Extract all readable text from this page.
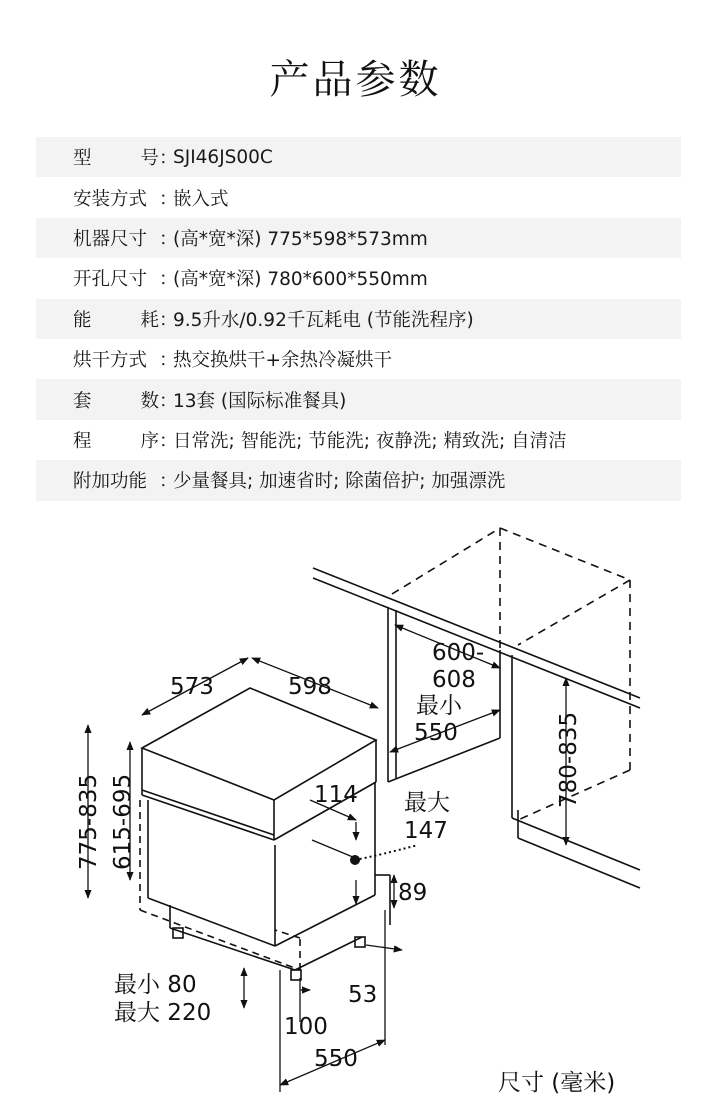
产品参数
型	号 ：
SJI46JS00C
安装方式 ：
嵌入式
机器尺寸 ：
(高*宽*深) 775*598*573mm
开孔尺寸 ：
(高*宽*深) 780*600*550mm
能	耗 ：
9.5升水/0.92千瓦耗电 (节能洗程序)
烘干方式 ：
热交换烘干+余热冷凝烘干
套	数 ：
13套 (国际标准餐具)
程	序 ：
日常洗; 智能洗; 节能洗; 夜静洗; 精致洗; 自清洁
附加功能 ：
少量餐具; 加速省时; 除菌倍护; 加强漂洗
573	598
600-
608
最小
550	780-835
775-835 615-695	114 最大
147
89
最小 80
最大 220
53
100
550
尺寸 (毫米)
